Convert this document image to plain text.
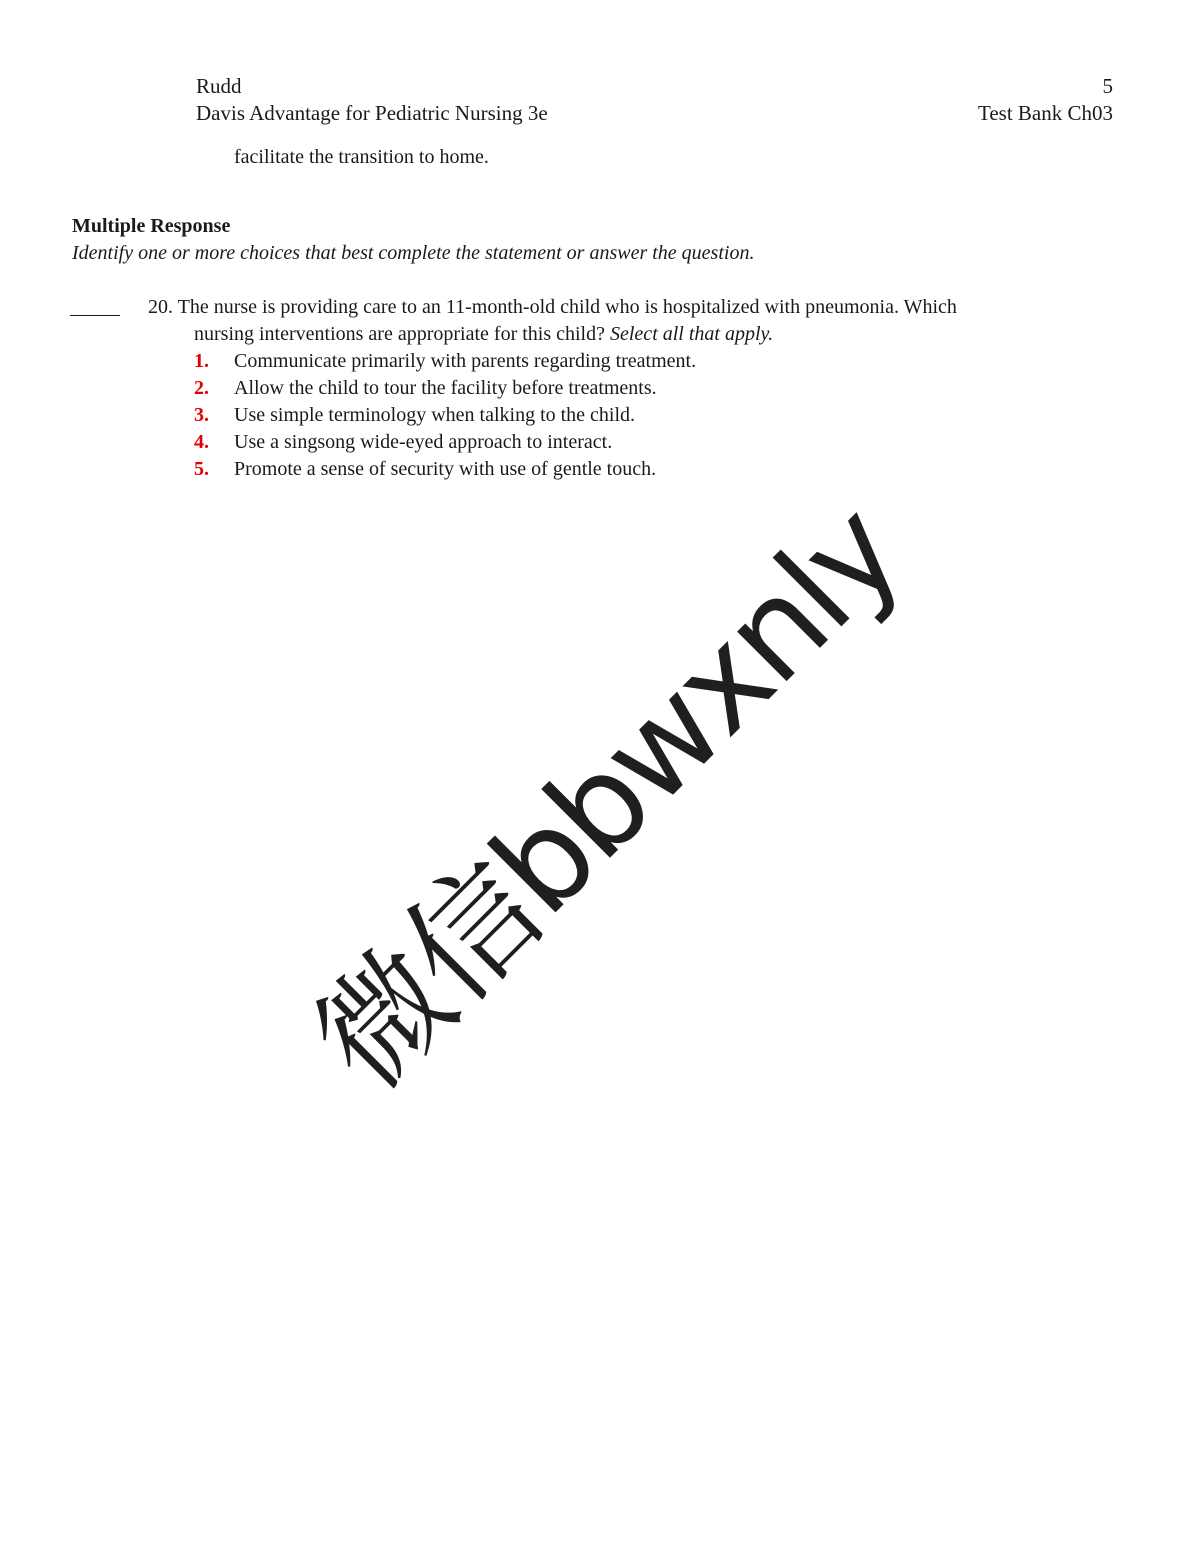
Rudd	5
Davis Advantage for Pediatric Nursing 3e	Test Bank Ch03
facilitate the transition to home.
Multiple Response
Identify one or more choices that best complete the statement or answer the question.
20. The nurse is providing care to an 11-month-old child who is hospitalized with pneumonia. Which
nursing interventions are appropriate for this child? Select all that apply.
1. Communicate primarily with parents regarding treatment.
2. Allow the child to tour the facility before treatments.
3. Use simple terminology when talking to the child.
4. Use a singsong wide-eyed approach to interact.
5. Promote a sense of security with use of gentle touch.
微信bbwxnly
